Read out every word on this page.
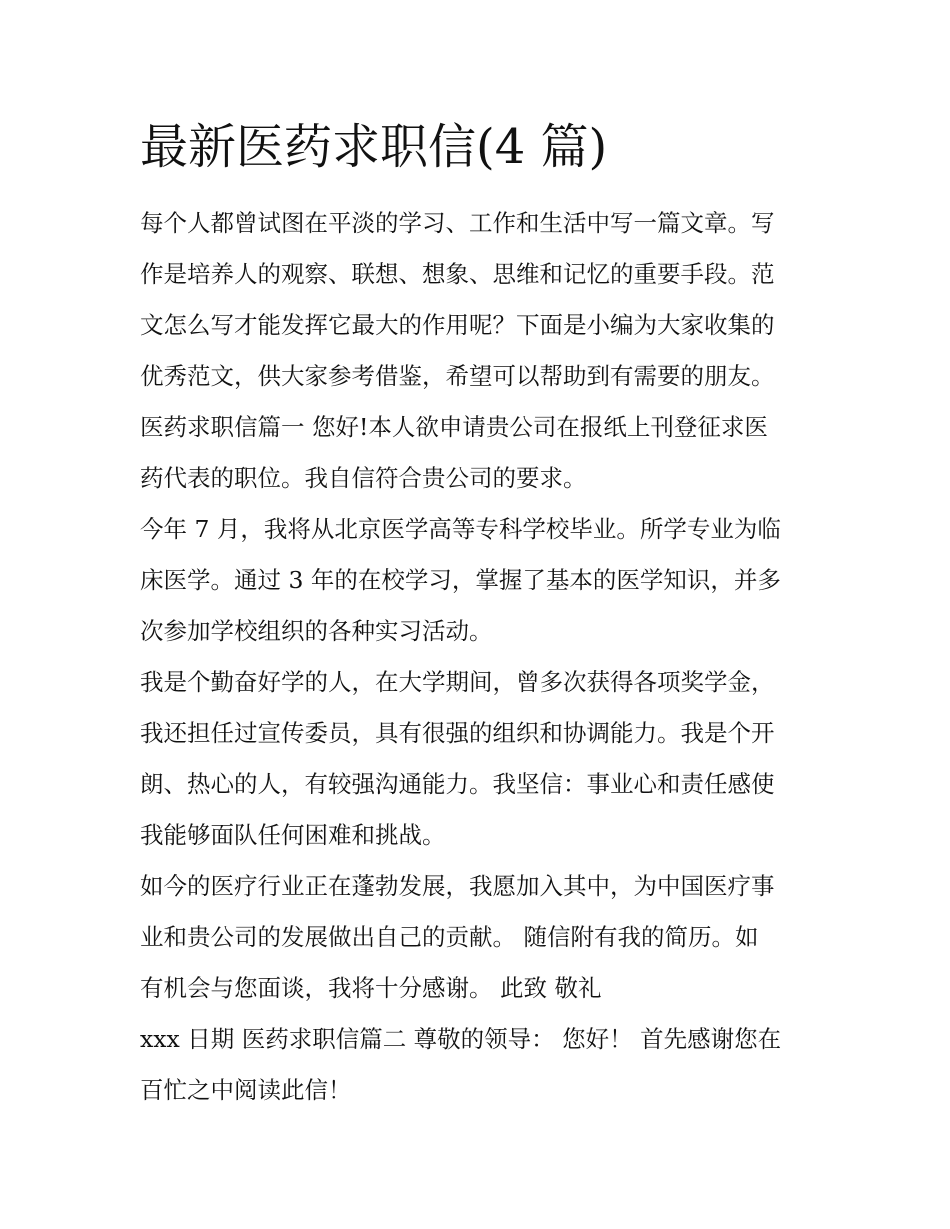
最新医药求职信(4 篇)

每个人都曾试图在平淡的学习、工作和生活中写一篇文章。写
作是培养人的观察、联想、想象、思维和记忆的重要手段。范
文怎么写才能发挥它最大的作用呢？下面是小编为大家收集的
优秀范文，供大家参考借鉴，希望可以帮助到有需要的朋友。

医药求职信篇一 您好!本人欲申请贵公司在报纸上刊登征求医
药代表的职位。我自信符合贵公司的要求。

今年 7 月，我将从北京医学高等专科学校毕业。所学专业为临
床医学。通过 3 年的在校学习，掌握了基本的医学知识，并多
次参加学校组织的各种实习活动。

我是个勤奋好学的人，在大学期间，曾多次获得各项奖学金，
我还担任过宣传委员，具有很强的组织和协调能力。我是个开
朗、热心的人，有较强沟通能力。我坚信：事业心和责任感使
我能够面队任何困难和挑战。

如今的医疗行业正在蓬勃发展，我愿加入其中，为中国医疗事
业和贵公司的发展做出自己的贡献。 随信附有我的简历。如
有机会与您面谈，我将十分感谢。 此致 敬礼

xxx 日期 医药求职信篇二 尊敬的领导： 您好！ 首先感谢您在
百忙之中阅读此信！
